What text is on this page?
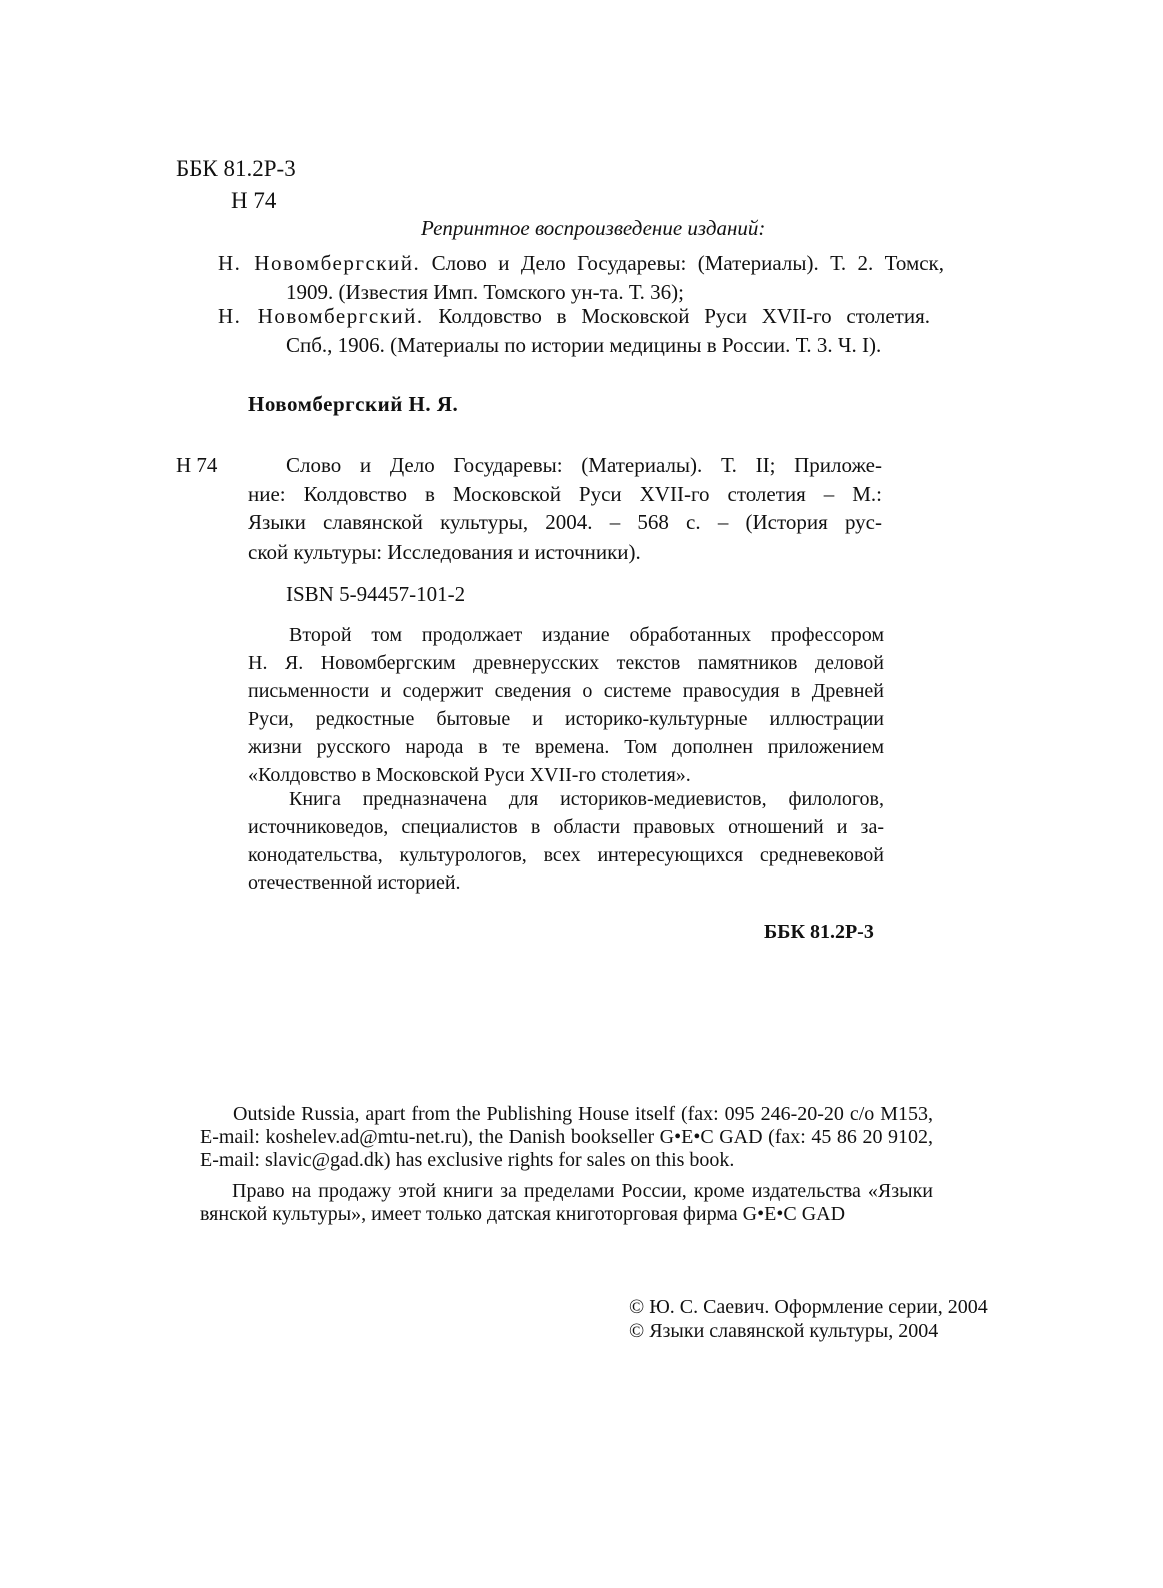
ББК 81.2Р-3
Н 74
Репринтное воспроизведение изданий:
Н. Новомбергский. Слово и Дело Государевы: (Материалы). Т. 2. Томск,
1909. (Известия Имп. Томского ун-та. Т. 36);
Н. Новомбергский. Колдовство в Московской Руси XVII-го столетия.
Спб., 1906. (Материалы по истории медицины в России. Т. 3. Ч. I).
Новомбергский Н. Я.
Н 74	Слово и Дело Государевы: (Материалы). Т. II; Приложе-
ние: Колдовство в Московской Руси XVII-го столетия – М.:
Языки славянской культуры, 2004. – 568 с. – (История рус-
ской культуры: Исследования и источники).
ISBN 5-94457-101-2
Второй том продолжает издание обработанных профессором
Н. Я. Новомбергским древнерусских текстов памятников деловой
письменности и содержит сведения о системе правосудия в Древней
Руси, редкостные бытовые и историко-культурные иллюстрации
жизни русского народа в те времена. Том дополнен приложением
«Колдовство в Московской Руси XVII-го столетия».
Книга предназначена для историков-медиевистов, филологов,
источниковедов, специалистов в области правовых отношений и за-
конодательства, культурологов, всех интересующихся средневековой
отечественной историей.
ББК 81.2Р-3
Outside Russia, apart from the Publishing House itself (fax: 095 246-20-20 c/o M153,
E-mail: koshelev.ad@mtu-net.ru), the Danish bookseller G•E•C GAD (fax: 45 86 20 9102,
E-mail: slavic@gad.dk) has exclusive rights for sales on this book.
Право на продажу этой книги за пределами России, кроме издательства «Языки
вянской культуры», имеет только датская книготорговая фирма G•E•C GAD
© Ю. С. Саевич. Оформление серии, 2004
© Языки славянской культуры, 2004
